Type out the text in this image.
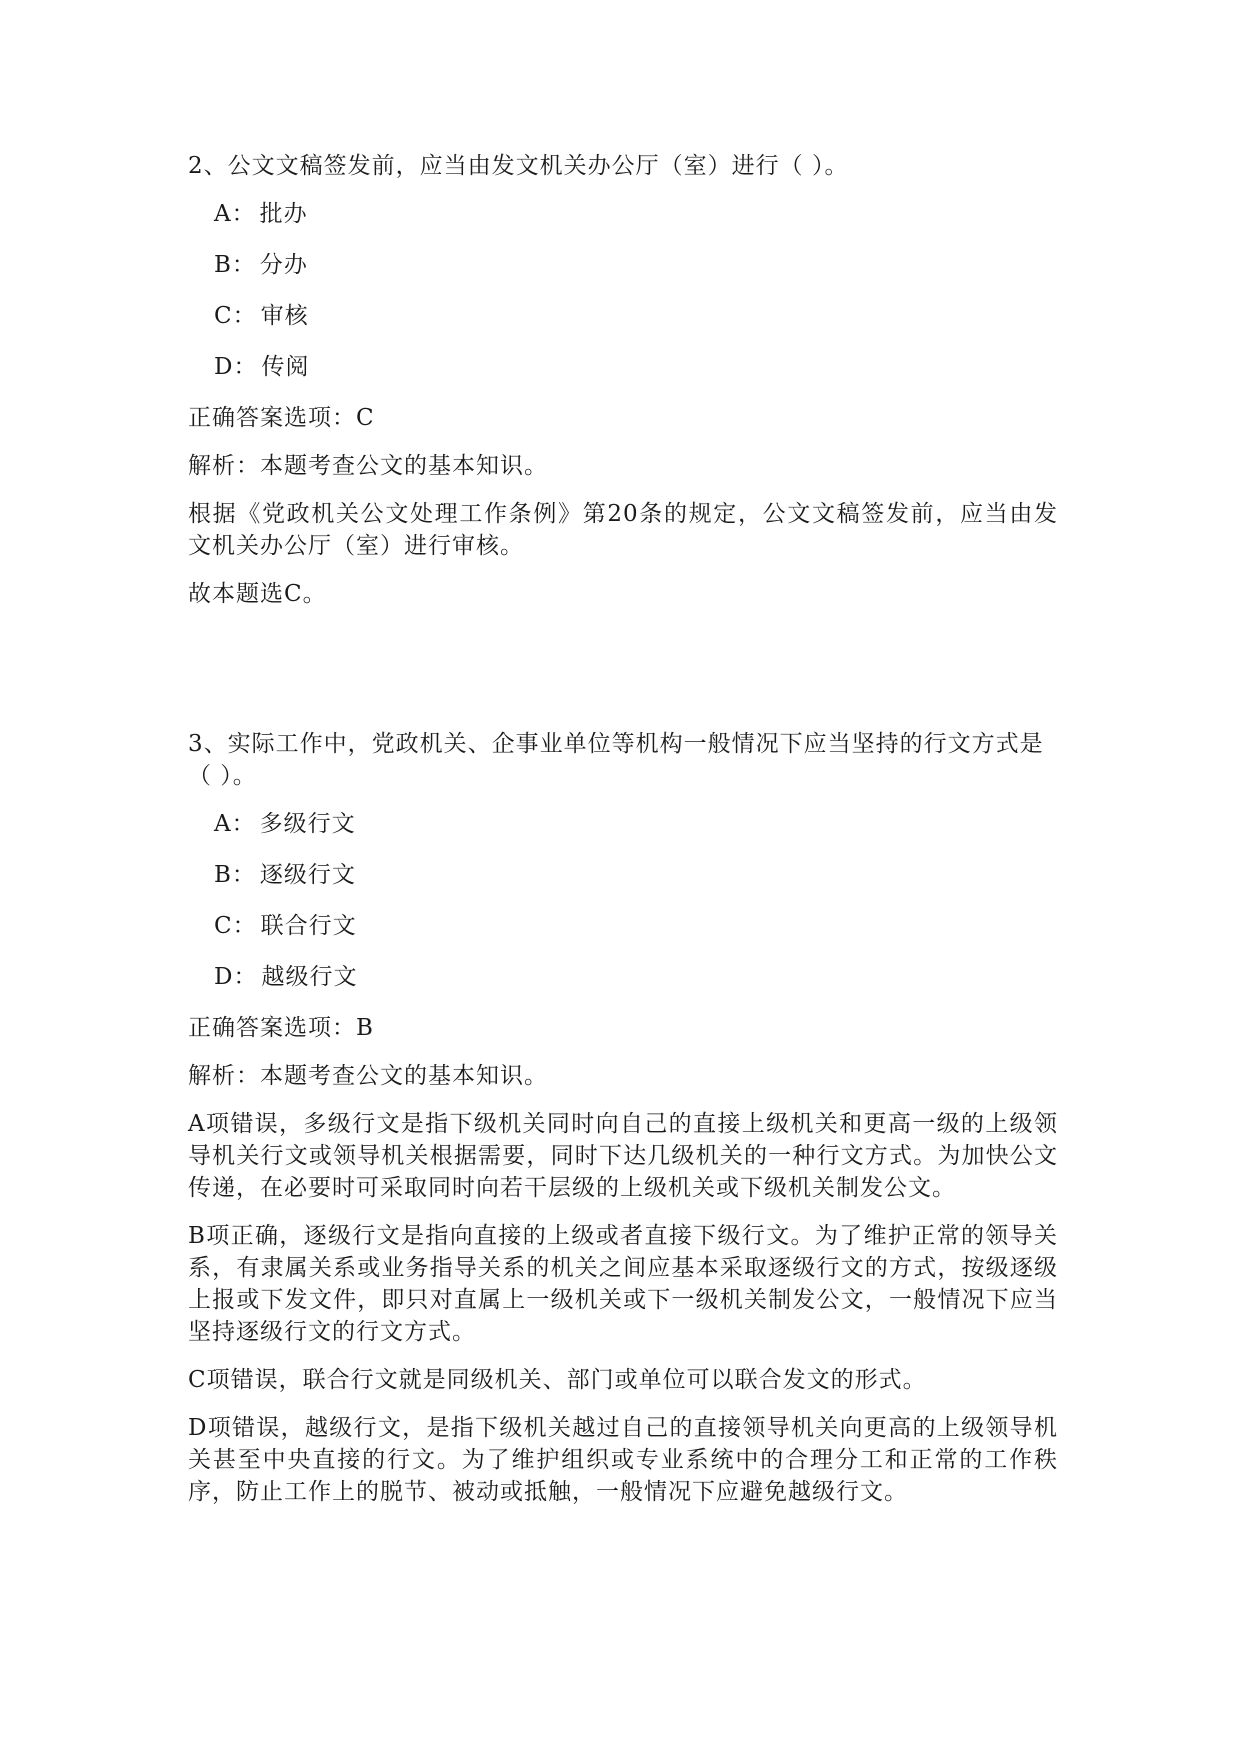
2、公文文稿签发前，应当由发文机关办公厅（室）进行（ ）。

A： 批办

B： 分办

C： 审核

D： 传阅

正确答案选项：C

解析：本题考查公文的基本知识。

根据《党政机关公文处理工作条例》第20条的规定，公文文稿签发前，应当由发文机关办公厅（室）进行审核。

故本题选C。

3、实际工作中，党政机关、企事业单位等机构一般情况下应当坚持的行文方式是（ ）。

A： 多级行文

B： 逐级行文

C： 联合行文

D： 越级行文

正确答案选项：B

解析：本题考查公文的基本知识。

A项错误，多级行文是指下级机关同时向自己的直接上级机关和更高一级的上级领导机关行文或领导机关根据需要，同时下达几级机关的一种行文方式。为加快公文传递，在必要时可采取同时向若干层级的上级机关或下级机关制发公文。

B项正确，逐级行文是指向直接的上级或者直接下级行文。为了维护正常的领导关系，有隶属关系或业务指导关系的机关之间应基本采取逐级行文的方式，按级逐级上报或下发文件，即只对直属上一级机关或下一级机关制发公文，一般情况下应当坚持逐级行文的行文方式。

C项错误，联合行文就是同级机关、部门或单位可以联合发文的形式。

D项错误，越级行文，是指下级机关越过自己的直接领导机关向更高的上级领导机关甚至中央直接的行文。为了维护组织或专业系统中的合理分工和正常的工作秩序，防止工作上的脱节、被动或抵触，一般情况下应避免越级行文。
